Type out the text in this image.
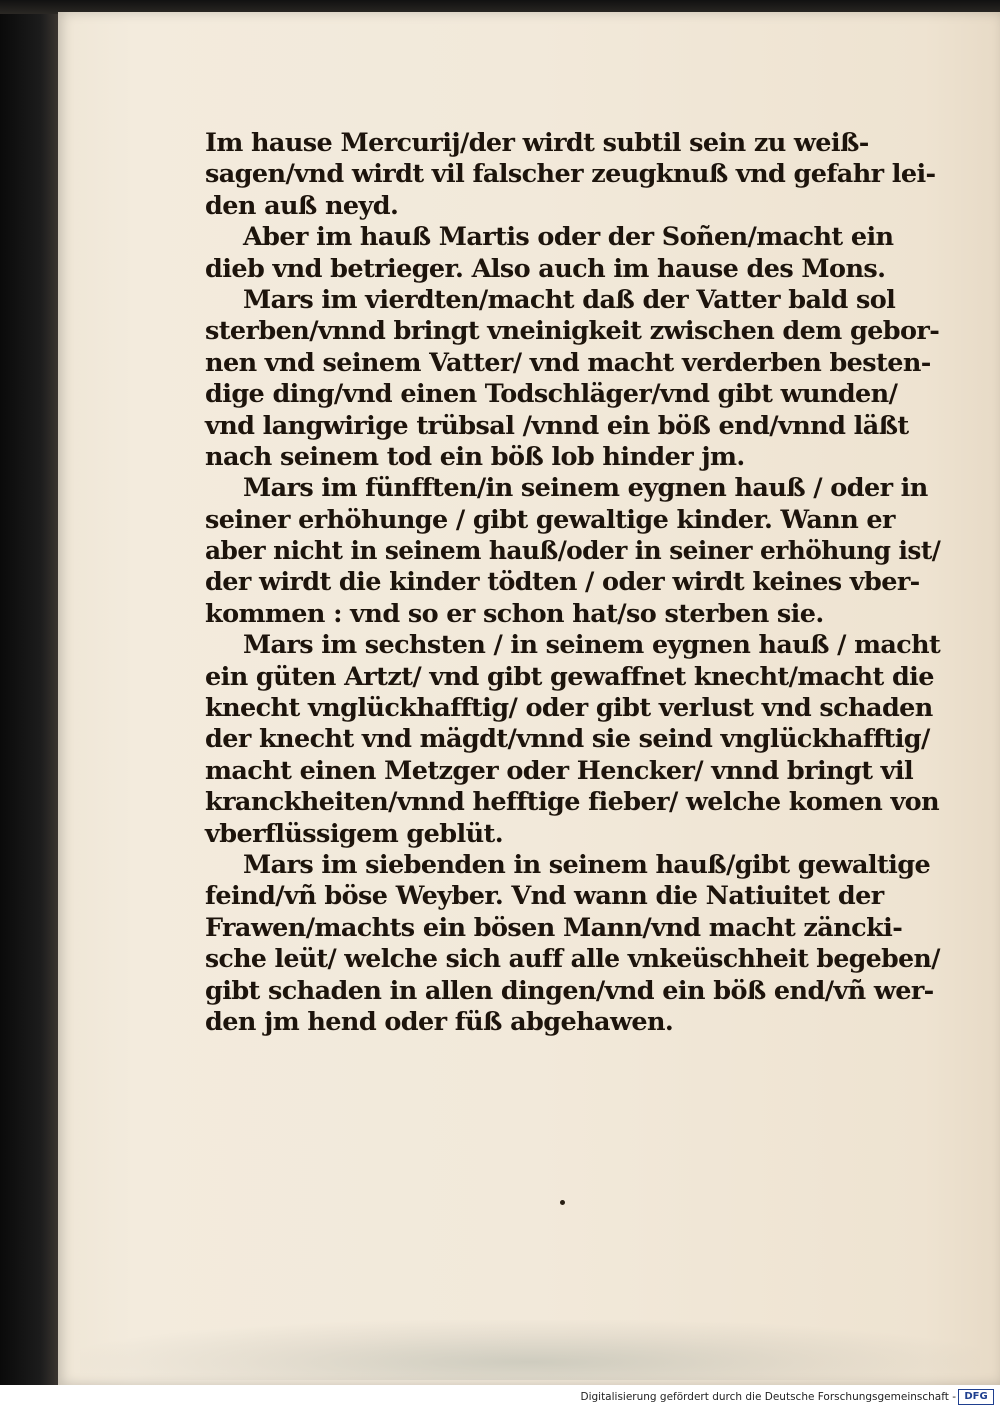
Im hause Mercurij/der wirdt subtil sein zu weiß-
sagen/vnd wirdt vil falscher zeugknuß vnd gefahr lei-
den auß neyd.
Aber im hauß Martis oder der Soñen/macht ein
dieb vnd betrieger. Also auch im hause des Mons.
Mars im vierdten/macht daß der Vatter bald sol
sterben/vnnd bringt vneinigkeit zwischen dem gebor-
nen vnd seinem Vatter/ vnd macht verderben besten-
dige ding/vnd einen Todschläger/vnd gibt wunden/
vnd langwirige trübsal /vnnd ein böß end/vnnd läßt
nach seinem tod ein böß lob hinder jm.
Mars im fünfften/in seinem eygnen hauß / oder in
seiner erhöhunge / gibt gewaltige kinder. Wann er
aber nicht in seinem hauß/oder in seiner erhöhung ist/
der wirdt die kinder tödten / oder wirdt keines vber-
kommen : vnd so er schon hat/so sterben sie.
Mars im sechsten / in seinem eygnen hauß / macht
ein güten Artzt/ vnd gibt gewaffnet knecht/macht die
knecht vnglückhafftig/ oder gibt verlust vnd schaden
der knecht vnd mägdt/vnnd sie seind vnglückhafftig/
macht einen Metzger oder Hencker/ vnnd bringt vil
kranckheiten/vnnd hefftige fieber/ welche komen von
vberflüssigem geblüt.
Mars im siebenden in seinem hauß/gibt gewaltige
feind/vñ böse Weyber. Vnd wann die Natiuitet der
Frawen/machts ein bösen Mann/vnd macht zäncki-
sche leüt/ welche sich auff alle vnkeüschheit begeben/
gibt schaden in allen dingen/vnd ein böß end/vñ wer-
den jm hend oder füß abgehawen.
Digitalisierung gefördert durch die Deutsche Forschungsgemeinschaft - DFG
